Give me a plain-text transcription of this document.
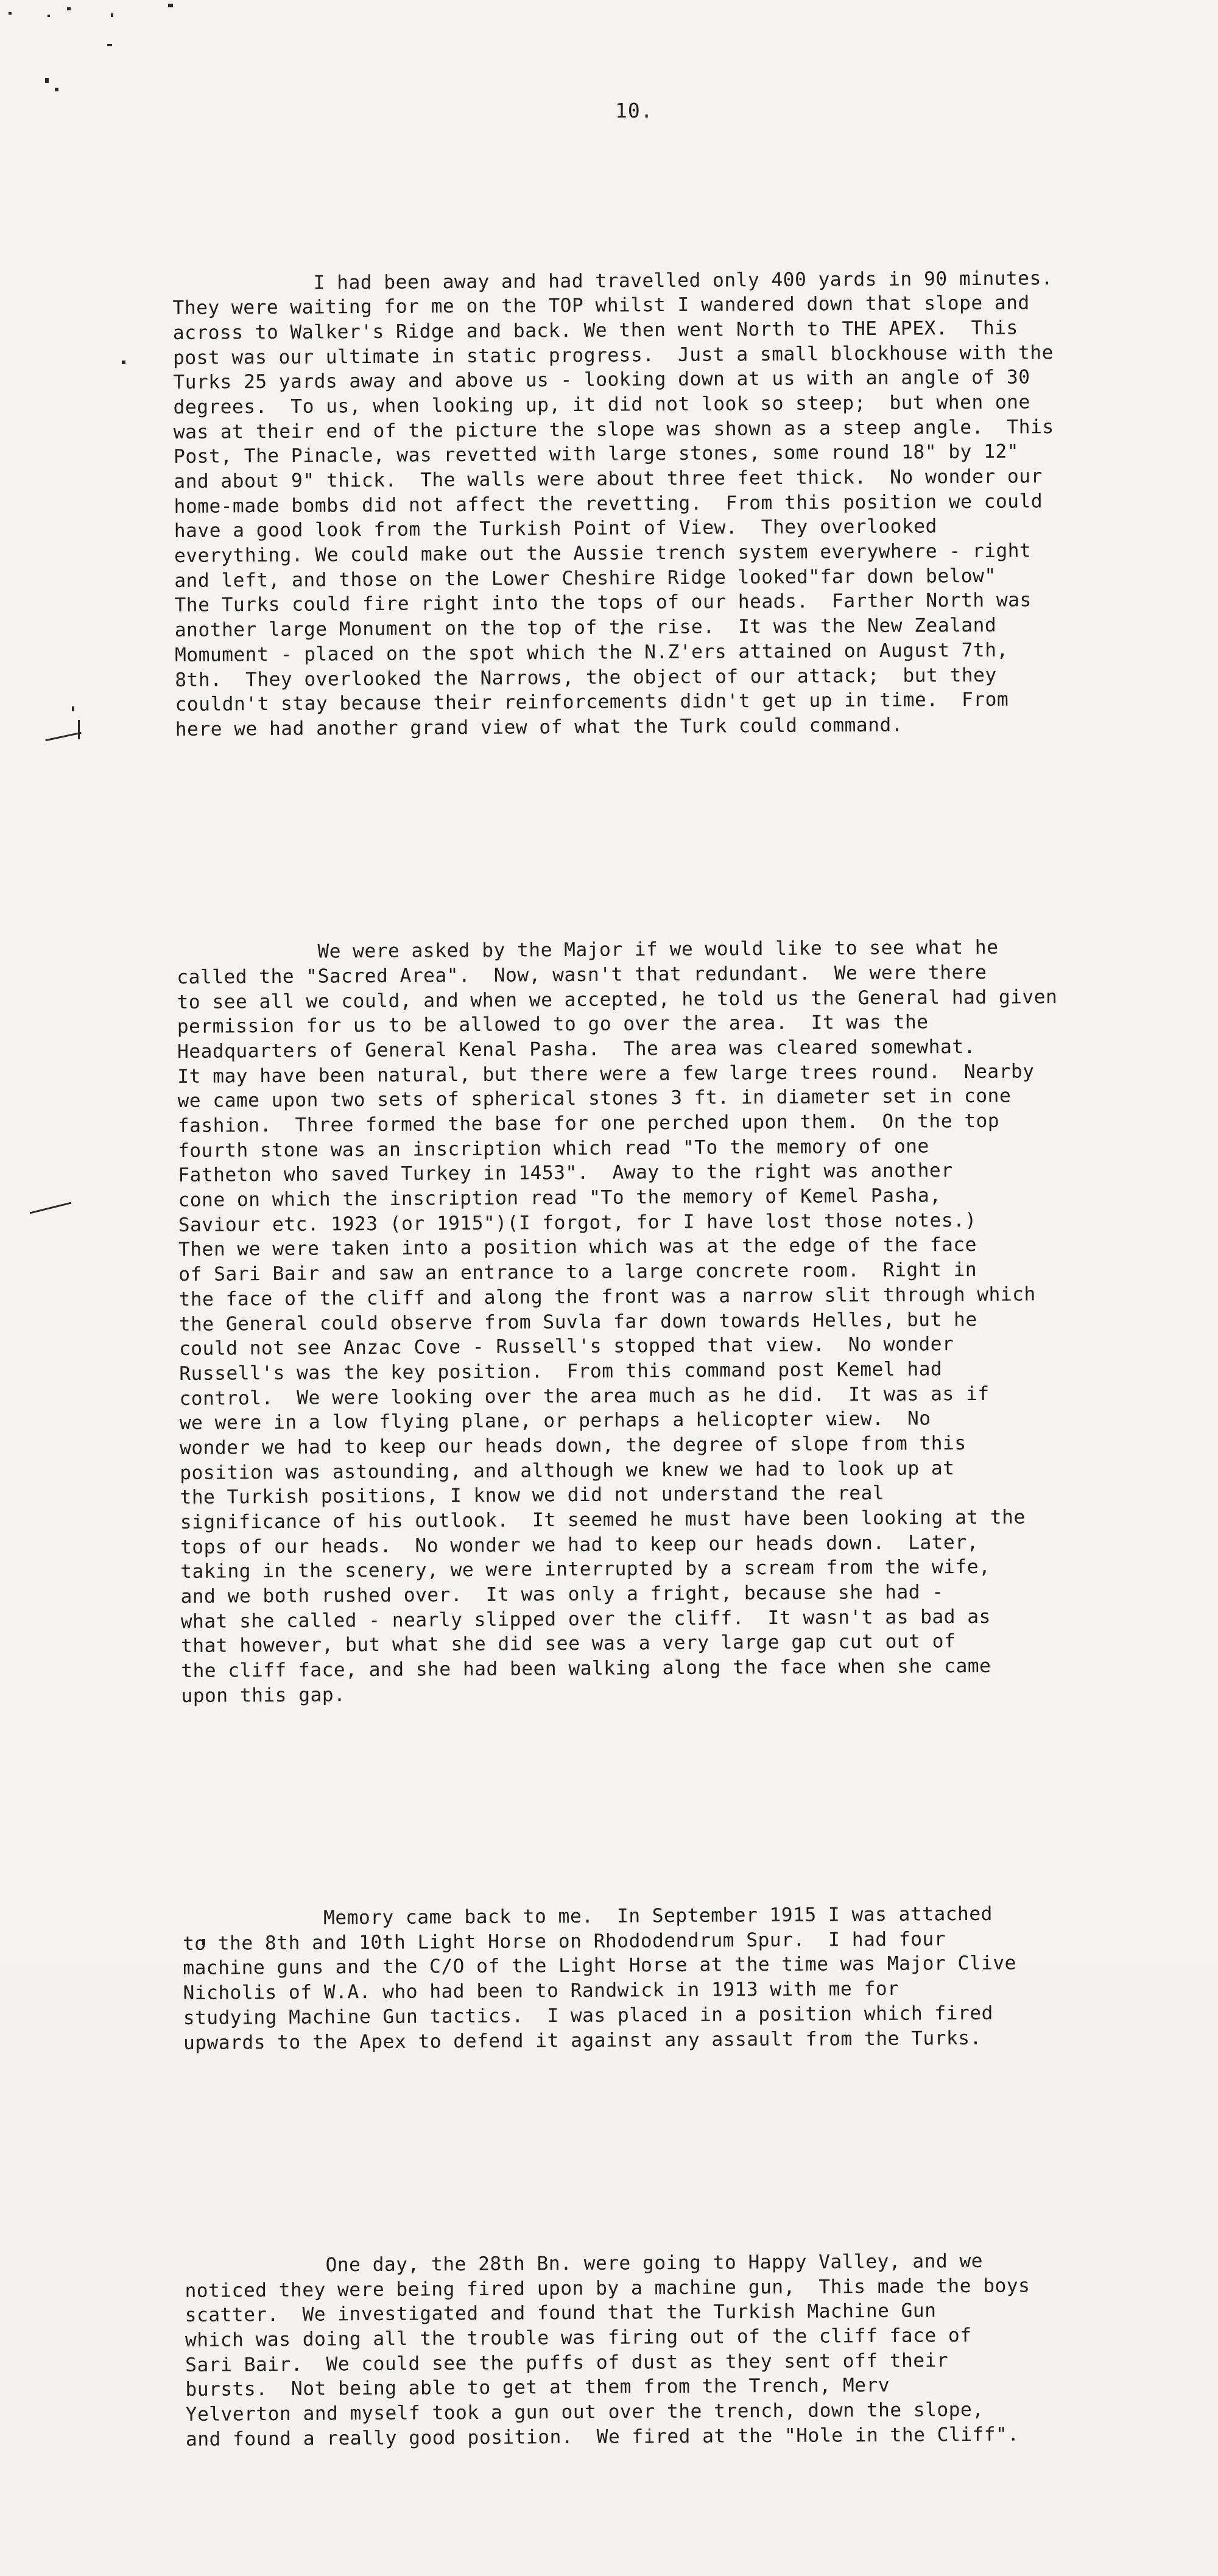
10.

I had been away and had travelled only 400 yards in 90 minutes.
They were waiting for me on the TOP whilst I wandered down that slope and
across to Walker's Ridge and back. We then went North to THE APEX.  This
post was our ultimate in static progress.  Just a small blockhouse with the
Turks 25 yards away and above us - looking down at us with an angle of 30
degrees.  To us, when looking up, it did not look so steep;  but when one
was at their end of the picture the slope was shown as a steep angle.  This
Post, The Pinacle, was revetted with large stones, some round 18" by 12"
and about 9" thick.  The walls were about three feet thick.  No wonder our
home-made bombs did not affect the revetting.  From this position we could
have a good look from the Turkish Point of View.  They overlooked
everything. We could make out the Aussie trench system everywhere - right
and left, and those on the Lower Cheshire Ridge looked"far down below"
The Turks could fire right into the tops of our heads.  Farther North was
another large Monument on the top of the rise.  It was the New Zealand
Momument - placed on the spot which the N.Z'ers attained on August 7th,
8th.  They overlooked the Narrows, the object of our attack;  but they
couldn't stay because their reinforcements didn't get up in time.  From
here we had another grand view of what the Turk could command.

We were asked by the Major if we would like to see what he
called the "Sacred Area".  Now, wasn't that redundant.  We were there
to see all we could, and when we accepted, he told us the General had given
permission for us to be allowed to go over the area.  It was the
Headquarters of General Kenal Pasha.  The area was cleared somewhat.
It may have been natural, but there were a few large trees round.  Nearby
we came upon two sets of spherical stones 3 ft. in diameter set in cone
fashion.  Three formed the base for one perched upon them.  On the top
fourth stone was an inscription which read "To the memory of one
Fatheton who saved Turkey in 1453".  Away to the right was another
cone on which the inscription read "To the memory of Kemel Pasha,
Saviour etc. 1923 (or 1915")(I forgot, for I have lost those notes.)
Then we were taken into a position which was at the edge of the face
of Sari Bair and saw an entrance to a large concrete room.  Right in
the face of the cliff and along the front was a narrow slit through which
the General could observe from Suvla far down towards Helles, but he
could not see Anzac Cove - Russell's stopped that view.  No wonder
Russell's was the key position.  From this command post Kemel had
control.  We were looking over the area much as he did.  It was as if
we were in a low flying plane, or perhaps a helicopter view.  No
wonder we had to keep our heads down, the degree of slope from this
position was astounding, and although we knew we had to look up at
the Turkish positions, I know we did not understand the real
significance of his outlook.  It seemed he must have been looking at the
tops of our heads.  No wonder we had to keep our heads down.  Later,
taking in the scenery, we were interrupted by a scream from the wife,
and we both rushed over.  It was only a fright, because she had -
what she called - nearly slipped over the cliff.  It wasn't as bad as
that however, but what she did see was a very large gap cut out of
the cliff face, and she had been walking along the face when she came
upon this gap.

Memory came back to me.  In September 1915 I was attached
to the 8th and 10th Light Horse on Rhododendrum Spur.  I had four
machine guns and the C/O of the Light Horse at the time was Major Clive
Nicholis of W.A. who had been to Randwick in 1913 with me for
studying Machine Gun tactics.  I was placed in a position which fired
upwards to the Apex to defend it against any assault from the Turks.

One day, the 28th Bn. were going to Happy Valley, and we
noticed they were being fired upon by a machine gun,  This made the boys
scatter.  We investigated and found that the Turkish Machine Gun
which was doing all the trouble was firing out of the cliff face of
Sari Bair.  We could see the puffs of dust as they sent off their
bursts.  Not being able to get at them from the Trench, Merv
Yelverton and myself took a gun out over the trench, down the slope,
and found a really good position.  We fired at the "Hole in the Cliff".
